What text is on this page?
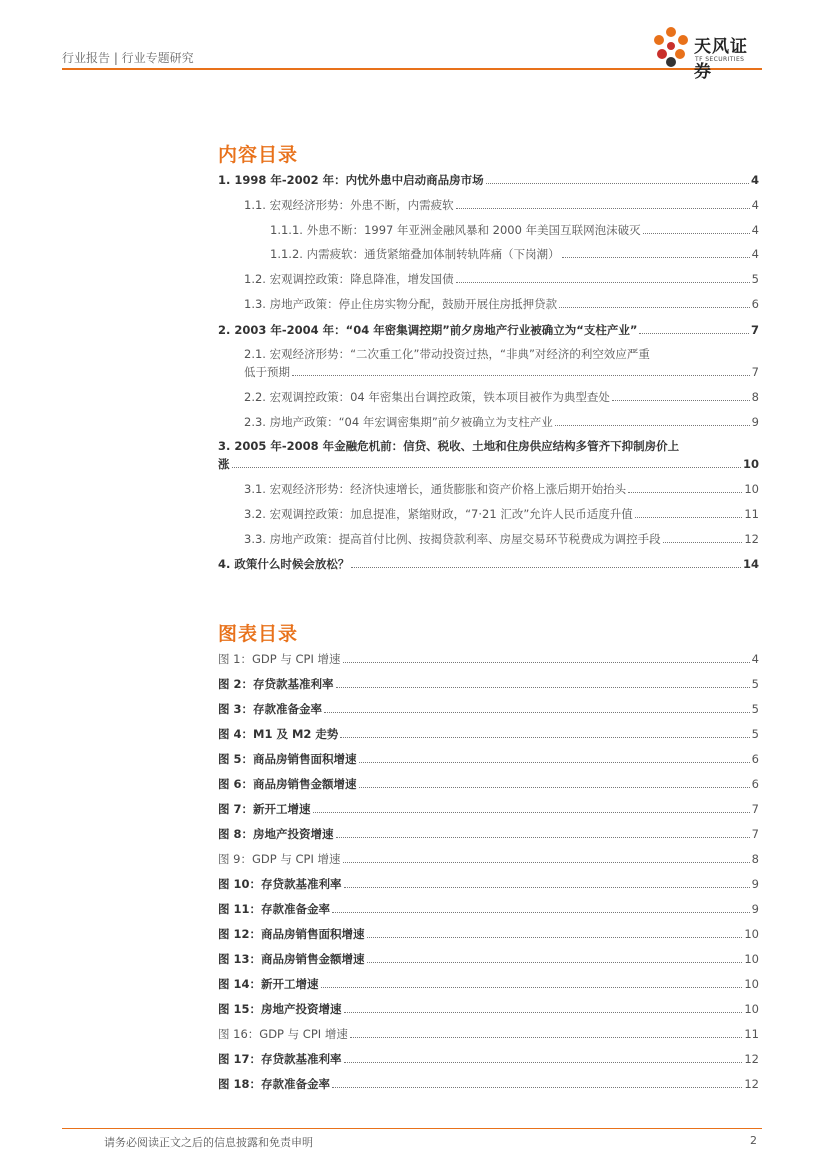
行业报告 | 行业专题研究
天风证券
TF SECURITIES
内容目录
1. 1998 年-2002 年：内忧外患中启动商品房市场	4
1.1. 宏观经济形势：外患不断，内需疲软	4
1.1.1. 外患不断：1997 年亚洲金融风暴和 2000 年美国互联网泡沫破灭	4
1.1.2. 内需疲软：通货紧缩叠加体制转轨阵痛（下岗潮）	4
1.2. 宏观调控政策：降息降准，增发国债	5
1.3. 房地产政策：停止住房实物分配，鼓励开展住房抵押贷款	6
2. 2003 年-2004 年：“04 年密集调控期”前夕房地产行业被确立为“支柱产业”	7
2.1. 宏观经济形势：“二次重工化”带动投资过热，“非典”对经济的利空效应严重
低于预期	7
2.2. 宏观调控政策：04 年密集出台调控政策，铁本项目被作为典型查处	8
2.3. 房地产政策：“04 年宏调密集期”前夕被确立为支柱产业	9
3. 2005 年-2008 年金融危机前：信贷、税收、土地和住房供应结构多管齐下抑制房价上
涨	10
3.1. 宏观经济形势：经济快速增长，通货膨胀和资产价格上涨后期开始抬头	10
3.2. 宏观调控政策：加息提准，紧缩财政，“7·21 汇改”允许人民币适度升值	11
3.3. 房地产政策：提高首付比例、按揭贷款利率、房屋交易环节税费成为调控手段	12
4. 政策什么时候会放松？	14
图表目录
图 1：GDP 与 CPI 增速	4
图 2：存贷款基准利率	5
图 3：存款准备金率	5
图 4：M1 及 M2 走势	5
图 5：商品房销售面积增速	6
图 6：商品房销售金额增速	6
图 7：新开工增速	7
图 8：房地产投资增速	7
图 9：GDP 与 CPI 增速	8
图 10：存贷款基准利率	9
图 11：存款准备金率	9
图 12：商品房销售面积增速	10
图 13：商品房销售金额增速	10
图 14：新开工增速	10
图 15：房地产投资增速	10
图 16：GDP 与 CPI 增速	11
图 17：存贷款基准利率	12
图 18：存款准备金率	12
请务必阅读正文之后的信息披露和免责申明	2
